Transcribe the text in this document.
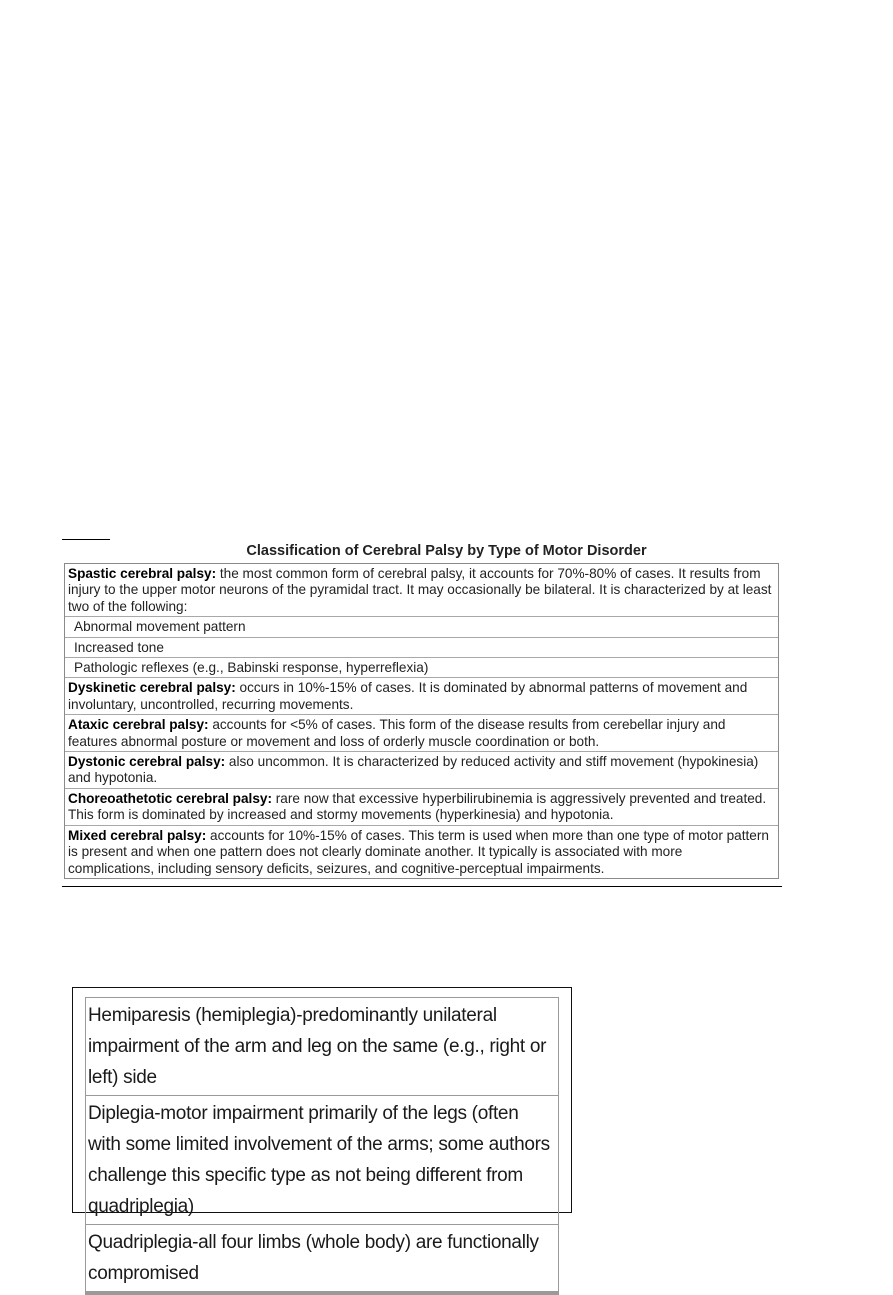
Classification of Cerebral Palsy by Type of Motor Disorder
Spastic cerebral palsy: the most common form of cerebral palsy, it accounts for 70%-80% of cases. It results from injury to the upper motor neurons of the pyramidal tract. It may occasionally be bilateral. It is characterized by at least two of the following:
Abnormal movement pattern
Increased tone
Pathologic reflexes (e.g., Babinski response, hyperreflexia)
Dyskinetic cerebral palsy: occurs in 10%-15% of cases. It is dominated by abnormal patterns of movement and involuntary, uncontrolled, recurring movements.
Ataxic cerebral palsy: accounts for <5% of cases. This form of the disease results from cerebellar injury and features abnormal posture or movement and loss of orderly muscle coordination or both.
Dystonic cerebral palsy: also uncommon. It is characterized by reduced activity and stiff movement (hypokinesia) and hypotonia.
Choreoathetotic cerebral palsy: rare now that excessive hyperbilirubinemia is aggressively prevented and treated. This form is dominated by increased and stormy movements (hyperkinesia) and hypotonia.
Mixed cerebral palsy: accounts for 10%-15% of cases. This term is used when more than one type of motor pattern is present and when one pattern does not clearly dominate another. It typically is associated with more complications, including sensory deficits, seizures, and cognitive-perceptual impairments.
Hemiparesis (hemiplegia)-predominantly unilateral impairment of the arm and leg on the same (e.g., right or left) side
Diplegia-motor impairment primarily of the legs (often with some limited involvement of the arms; some authors challenge this specific type as not being different from quadriplegia)
Quadriplegia-all four limbs (whole body) are functionally compromised
